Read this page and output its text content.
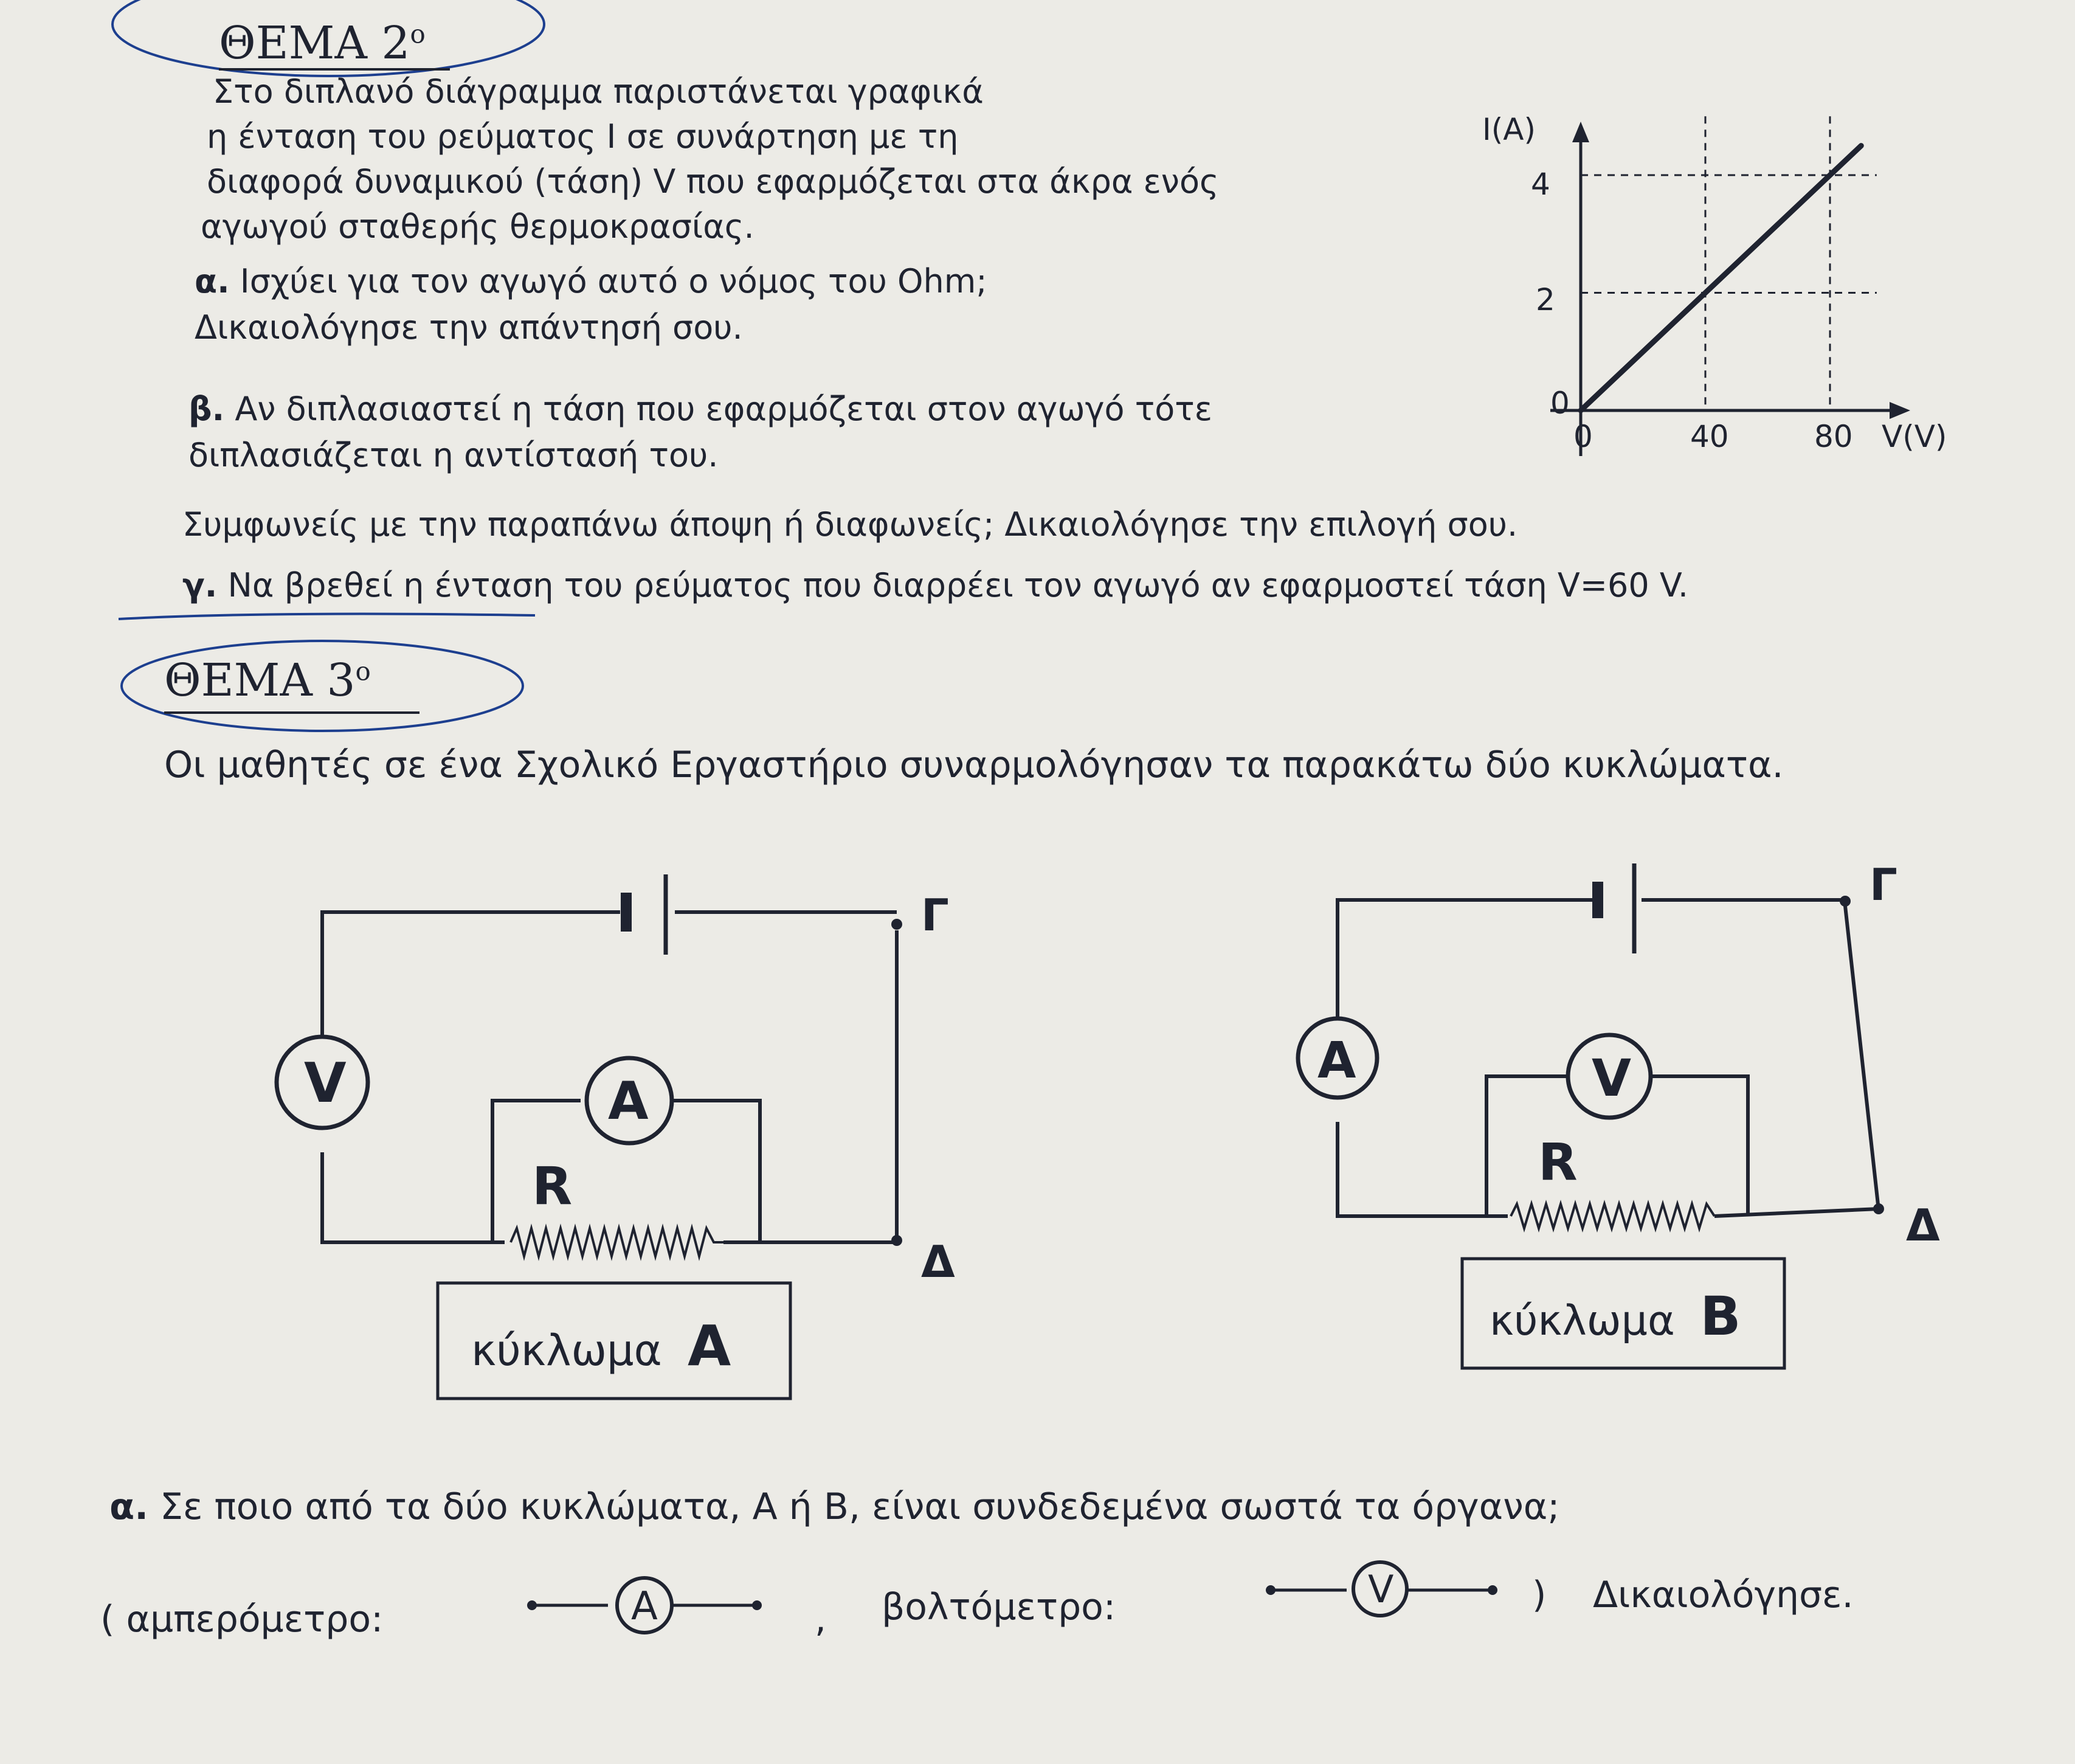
ΘΕΜΑ $2^o$
Στο διπλανό διάγραμμα παριστάνεται γραφικά
η ένταση του ρεύματος I σε συνάρτηση με τη
διαφορά δυναμικού (τάση) V που εφαρμόζεται στα άκρα ενός
αγωγού σταθερής θερμοκρασίας.
α. Ισχύει για τον αγωγό αυτό ο νόμος του Ohm;
Δικαιολόγησε την απάντησή σου.
β. Αν διπλασιαστεί η τάση που εφαρμόζεται στον αγωγό τότε
διπλασιάζεται η αντίστασή του.
Συμφωνείς με την παραπάνω άποψη ή διαφωνείς; Δικαιολόγησε την επιλογή σου.
γ. Να βρεθεί η ένταση του ρεύματος που διαρρέει τον αγωγό αν εφαρμοστεί τάση V=60 V.
I(A)
V(V)
4
2
0
0	40	80
ΘΕΜΑ $3^o$
Οι μαθητές σε ένα Σχολικό Εργαστήριο συναρμολόγησαν τα παρακάτω δύο κυκλώματα.
Γ
Δ
V	A
R
κύκλωμα Α
Γ
Δ
A	V
R
κύκλωμα Β
α. Σε ποιο από τα δύο κυκλώματα, Α ή Β, είναι συνδεδεμένα σωστά τα όργανα;
( αμπερόμετρο:	A	, βολτόμετρο:	V	) Δικαιολόγησε.
